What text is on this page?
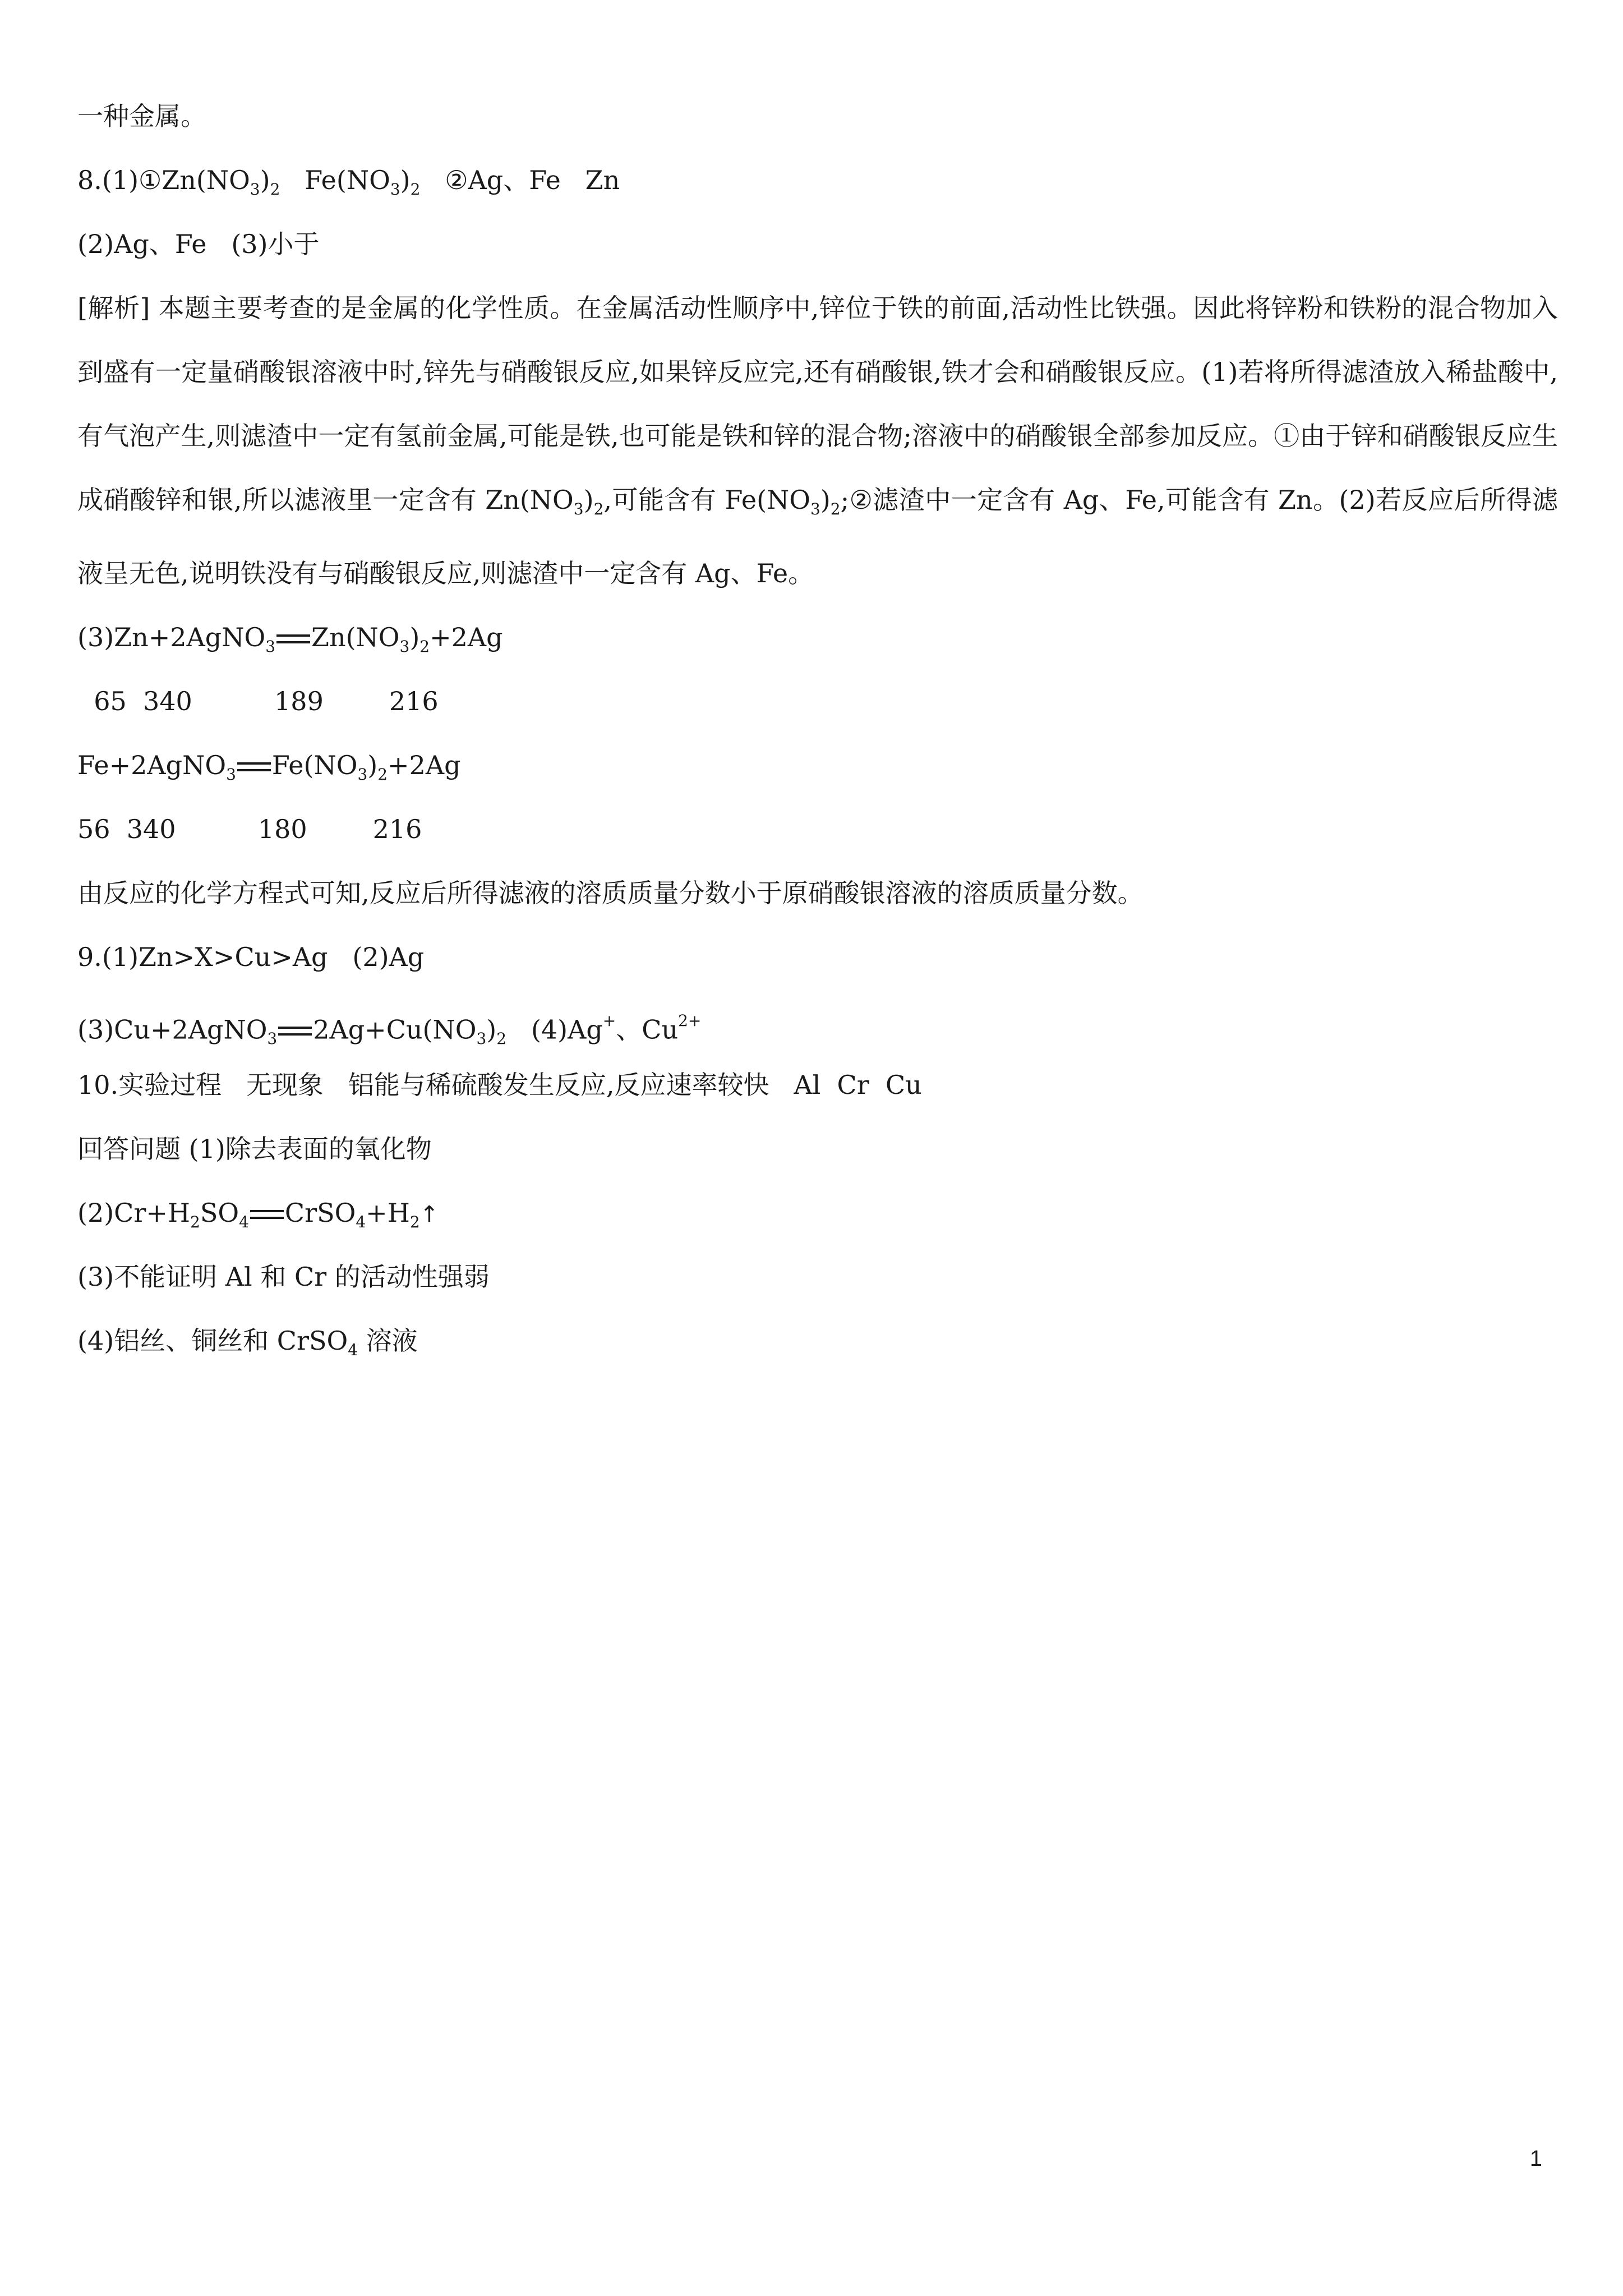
一种金属。
$8.(1)①Zn(NO_3)_2$   $Fe(NO_3)_2$   ②Ag、Fe   Zn
(2)Ag、Fe   (3)小于
[解析] 本题主要考查的是金属的化学性质。在金属活动性顺序中,锌位于铁的前面,活动性比铁强。因此将锌粉和铁粉的混合物加入到盛有一定量硝酸银溶液中时,锌先与硝酸银反应,如果锌反应完,还有硝酸银,铁才会和硝酸银反应。(1)若将所得滤渣放入稀盐酸中,有气泡产生,则滤渣中一定有氢前金属,可能是铁,也可能是铁和锌的混合物;溶液中的硝酸银全部参加反应。①由于锌和硝酸银反应生成硝酸锌和银,所以滤液里一定含有 $Zn(NO_3)_2$,可能含有 $Fe(NO_3)_2;②$滤渣中一定含有 Ag、Fe,可能含有 Zn。(2)若反应后所得滤液呈无色,说明铁没有与硝酸银反应,则滤渣中一定含有 Ag、Fe。
(3)Zn+2AgNO$_3$ $Zn(NO_3)_2+2Ag$
65  340          189        216
Fe+2AgNO$_3$ $Fe(NO_3)_2+2Ag$
56  340          180        216
由反应的化学方程式可知,反应后所得滤液的溶质质量分数小于原硝酸银溶液的溶质质量分数。
9.(1)Zn>X>Cu>Ag   (2)Ag
(3)Cu+2AgNO$_3$ $2Ag+Cu(NO_3)_2$   (4)Ag+、$Cu^{2+}$
10.实验过程   无现象   铝能与稀硫酸发生反应,反应速率较快   Al  Cr  Cu
回答问题 (1)除去表面的氧化物
$(2)Cr+H_2SO_4$ $CrSO_4+H_2↑$
(3)不能证明 Al 和 Cr 的活动性强弱
(4)铝丝、铜丝和 CrSO$_4$ 溶液
1
